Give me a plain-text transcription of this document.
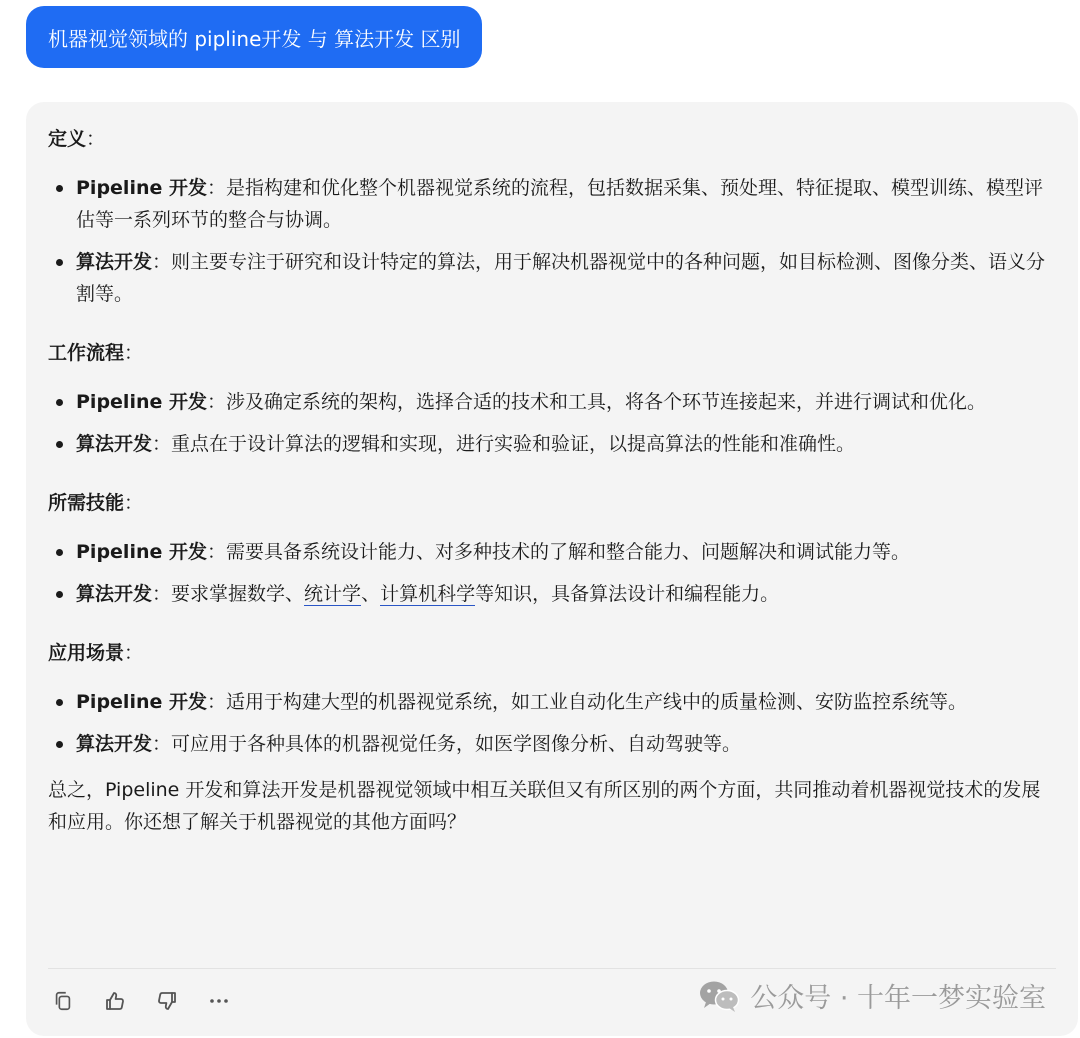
机器视觉领域的 pipline开发 与 算法开发 区别
定义：
Pipeline 开发：是指构建和优化整个机器视觉系统的流程，包括数据采集、预处理、特征提取、模型训练、模型评估等一系列环节的整合与协调。
算法开发：则主要专注于研究和设计特定的算法，用于解决机器视觉中的各种问题，如目标检测、图像分类、语义分割等。
工作流程：
Pipeline 开发：涉及确定系统的架构，选择合适的技术和工具，将各个环节连接起来，并进行调试和优化。
算法开发：重点在于设计算法的逻辑和实现，进行实验和验证，以提高算法的性能和准确性。
所需技能：
Pipeline 开发：需要具备系统设计能力、对多种技术的了解和整合能力、问题解决和调试能力等。
算法开发：要求掌握数学、统计学、计算机科学等知识，具备算法设计和编程能力。
应用场景：
Pipeline 开发：适用于构建大型的机器视觉系统，如工业自动化生产线中的质量检测、安防监控系统等。
算法开发：可应用于各种具体的机器视觉任务，如医学图像分析、自动驾驶等。
总之，Pipeline 开发和算法开发是机器视觉领域中相互关联但又有所区别的两个方面，共同推动着机器视觉技术的发展和应用。你还想了解关于机器视觉的其他方面吗？
公众号 · 十年一梦实验室
